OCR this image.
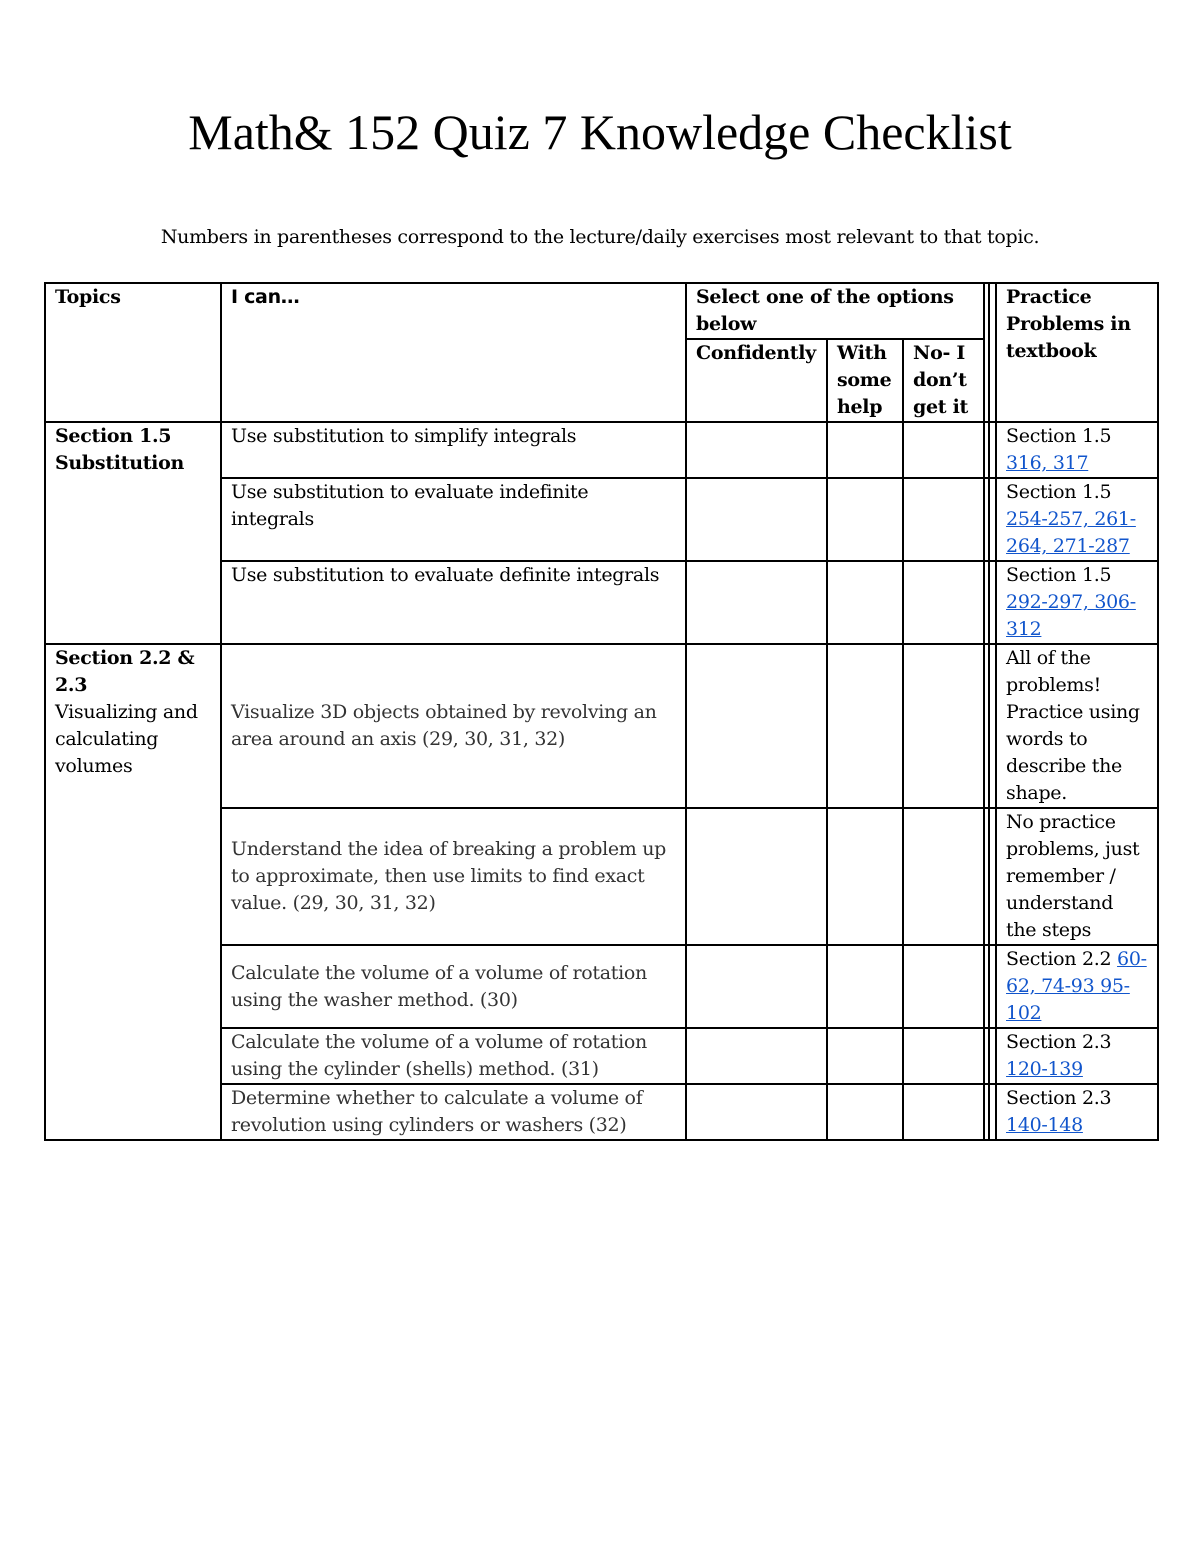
Math& 152 Quiz 7 Knowledge Checklist
Numbers in parentheses correspond to the lecture/daily exercises most relevant to that topic.
Topics	I can…	Select one of the options below				Practice Problems in textbook
		Confidently	With some help	No- I don’t get it		
Section 1.5 Substitution	Use substitution to simplify integrals					Section 1.5
316, 317
	Use substitution to evaluate indefinite integrals					Section 1.5
254-257, 261-264, 271-287
	Use substitution to evaluate definite integrals					Section 1.5
292-297, 306-312
Section 2.2 & 2.3
Visualizing and calculating volumes	Visualize 3D objects obtained by revolving an area around an axis (29, 30, 31, 32)					All of the problems! Practice using words to describe the shape.
	Understand the idea of breaking a problem up to approximate, then use limits to find exact value. (29, 30, 31, 32)					No practice problems, just remember / understand the steps
	Calculate the volume of a volume of rotation using the washer method. (30)					Section 2.2 60-62, 74-93 95-102
	Calculate the volume of a volume of rotation using the cylinder (shells) method. (31)					Section 2.3
120-139
	Determine whether to calculate a volume of revolution using cylinders or washers (32)					Section 2.3
140-148
